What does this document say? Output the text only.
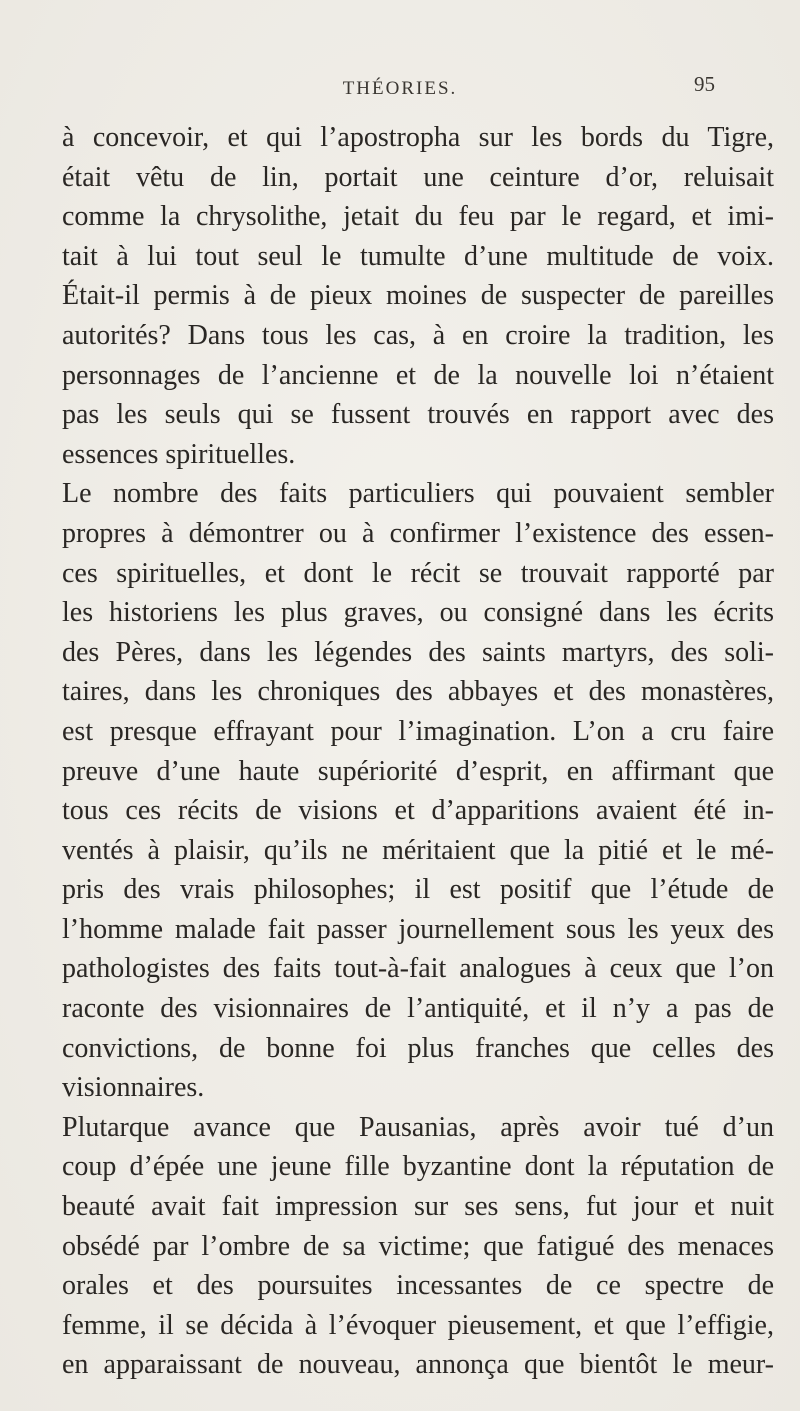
THÉORIES.	95
à concevoir, et qui l’apostropha sur les bords du Tigre,
était vêtu de lin, portait une ceinture d’or, reluisait
comme la chrysolithe, jetait du feu par le regard, et imi-
tait à lui tout seul le tumulte d’une multitude de voix.
Était-il permis à de pieux moines de suspecter de pareilles
autorités? Dans tous les cas, à en croire la tradition, les
personnages de l’ancienne et de la nouvelle loi n’étaient
pas les seuls qui se fussent trouvés en rapport avec des
essences spirituelles.
Le nombre des faits particuliers qui pouvaient sembler
propres à démontrer ou à confirmer l’existence des essen-
ces spirituelles, et dont le récit se trouvait rapporté par
les historiens les plus graves, ou consigné dans les écrits
des Pères, dans les légendes des saints martyrs, des soli-
taires, dans les chroniques des abbayes et des monastères,
est presque effrayant pour l’imagination. L’on a cru faire
preuve d’une haute supériorité d’esprit, en affirmant que
tous ces récits de visions et d’apparitions avaient été in-
ventés à plaisir, qu’ils ne méritaient que la pitié et le mé-
pris des vrais philosophes; il est positif que l’étude de
l’homme malade fait passer journellement sous les yeux des
pathologistes des faits tout-à-fait analogues à ceux que l’on
raconte des visionnaires de l’antiquité, et il n’y a pas de
convictions, de bonne foi plus franches que celles des
visionnaires.
Plutarque avance que Pausanias, après avoir tué d’un
coup d’épée une jeune fille byzantine dont la réputation de
beauté avait fait impression sur ses sens, fut jour et nuit
obsédé par l’ombre de sa victime; que fatigué des menaces
orales et des poursuites incessantes de ce spectre de
femme, il se décida à l’évoquer pieusement, et que l’effigie,
en apparaissant de nouveau, annonça que bientôt le meur-
